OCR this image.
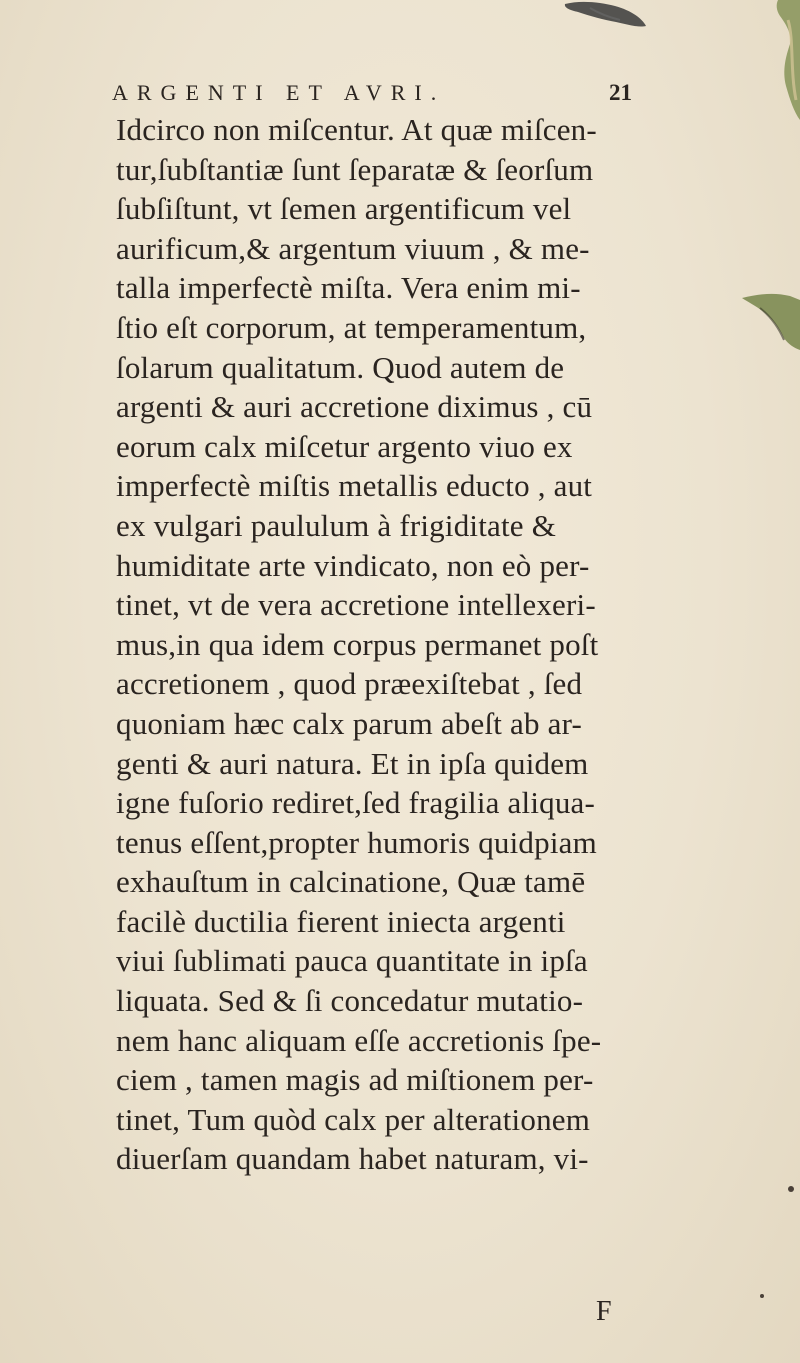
ARGENTI ET AVRI.	21
Idcirco non miſcentur. At quæ miſcen-
tur,ſubſtantiæ ſunt ſeparatæ & ſeorſum
ſubſiſtunt, vt ſemen argentificum vel
aurificum,& argentum viuum , & me-
talla imperfectè miſta. Vera enim mi-
ſtio eſt corporum, at temperamentum,
ſolarum qualitatum. Quod autem de
argenti & auri accretione diximus , cū
eorum calx miſcetur argento viuo ex
imperfectè miſtis metallis educto , aut
ex vulgari paululum à frigiditate &
humiditate arte vindicato, non eò per-
tinet, vt de vera accretione intellexeri-
mus,in qua idem corpus permanet poſt
accretionem , quod præexiſtebat , ſed
quoniam hæc calx parum abeſt ab ar-
genti & auri natura. Et in ipſa quidem
igne fuſorio rediret,ſed fragilia aliqua-
tenus eſſent,propter humoris quidpiam
exhauſtum in calcinatione, Quæ tamē
facilè ductilia fierent iniecta argenti
viui ſublimati pauca quantitate in ipſa
liquata. Sed & ſi concedatur mutatio-
nem hanc aliquam eſſe accretionis ſpe-
ciem , tamen magis ad miſtionem per-
tinet, Tum quòd calx per alterationem
diuerſam quandam habet naturam, vi-
F
